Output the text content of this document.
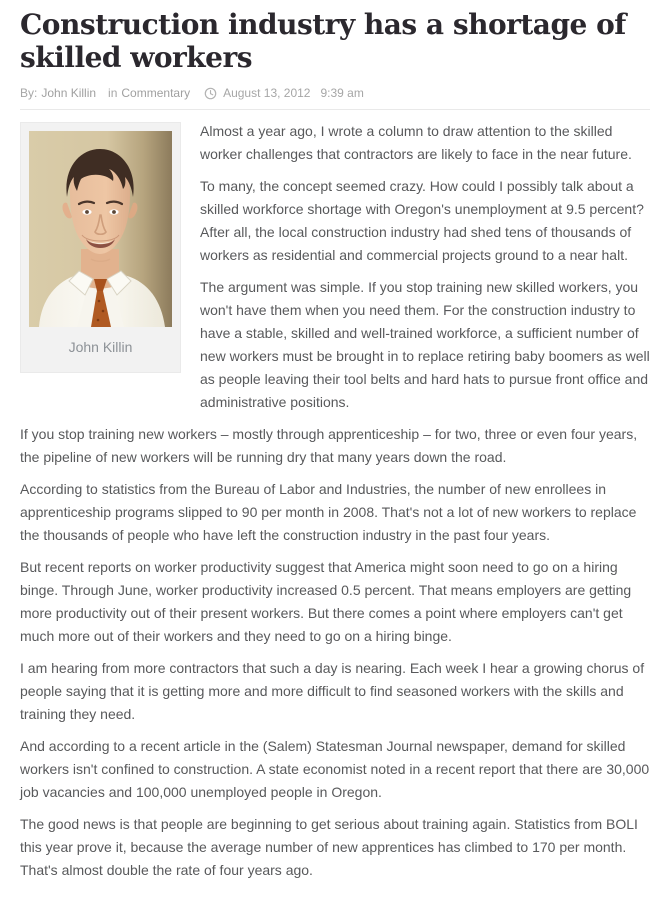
Construction industry has a shortage of skilled workers
By: John Killin in Commentary	August 13, 2012 9:39 am
John Killin

Almost a year ago, I wrote a column to draw attention to the skilled worker challenges that contractors are likely to face in the near future.

To many, the concept seemed crazy. How could I possibly talk about a skilled workforce shortage with Oregon's unemployment at 9.5 percent? After all, the local construction industry had shed tens of thousands of workers as residential and commercial projects ground to a near halt.

The argument was simple. If you stop training new skilled workers, you won't have them when you need them. For the construction industry to have a stable, skilled and well-trained workforce, a sufficient number of new workers must be brought in to replace retiring baby boomers as well as people leaving their tool belts and hard hats to pursue front office and administrative positions.

If you stop training new workers – mostly through apprenticeship – for two, three or even four years, the pipeline of new workers will be running dry that many years down the road.

According to statistics from the Bureau of Labor and Industries, the number of new enrollees in apprenticeship programs slipped to 90 per month in 2008. That's not a lot of new workers to replace the thousands of people who have left the construction industry in the past four years.

But recent reports on worker productivity suggest that America might soon need to go on a hiring binge. Through June, worker productivity increased 0.5 percent. That means employers are getting more productivity out of their present workers. But there comes a point where employers can't get much more out of their workers and they need to go on a hiring binge.

I am hearing from more contractors that such a day is nearing. Each week I hear a growing chorus of people saying that it is getting more and more difficult to find seasoned workers with the skills and training they need.

And according to a recent article in the (Salem) Statesman Journal newspaper, demand for skilled workers isn't confined to construction. A state economist noted in a recent report that there are 30,000 job vacancies and 100,000 unemployed people in Oregon.

The good news is that people are beginning to get serious about training again. Statistics from BOLI this year prove it, because the average number of new apprentices has climbed to 170 per month. That's almost double the rate of four years ago.
